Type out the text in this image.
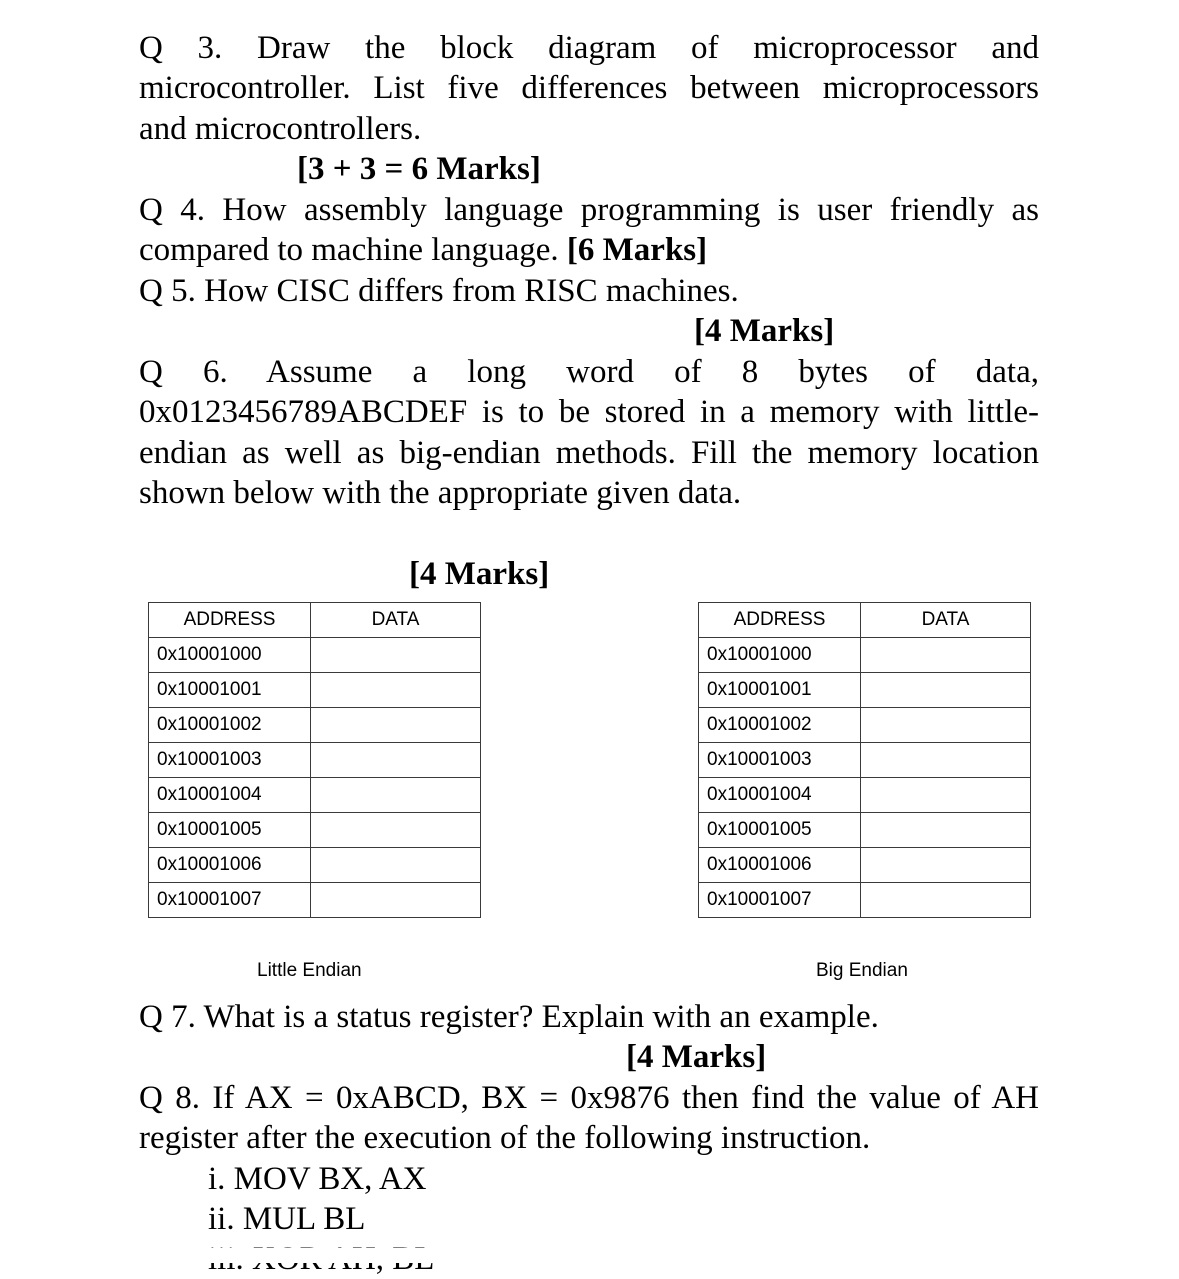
Q 3. Draw the block diagram of microprocessor and
microcontroller. List five differences between microprocessors
and microcontrollers.
[3 + 3 = 6 Marks]
Q 4. How assembly language programming is user friendly as
compared to machine language. [6 Marks]
Q 5. How CISC differs from RISC machines.
[4 Marks]
Q 6. Assume a long word of 8 bytes of data,
0x0123456789ABCDEF is to be stored in a memory with little-
endian as well as big-endian methods. Fill the memory location
shown below with the appropriate given data.
[4 Marks]
ADDRESS	DATA
0x10001000	
0x10001001	
0x10001002	
0x10001003	
0x10001004	
0x10001005	
0x10001006	
0x10001007	
ADDRESS	DATA
0x10001000	
0x10001001	
0x10001002	
0x10001003	
0x10001004	
0x10001005	
0x10001006	
0x10001007	
Little Endian	Big Endian
Q 7. What is a status register? Explain with an example.
[4 Marks]
Q 8. If AX = 0xABCD, BX = 0x9876 then find the value of AH
register after the execution of the following instruction.
i. MOV BX, AX
ii. MUL BL
